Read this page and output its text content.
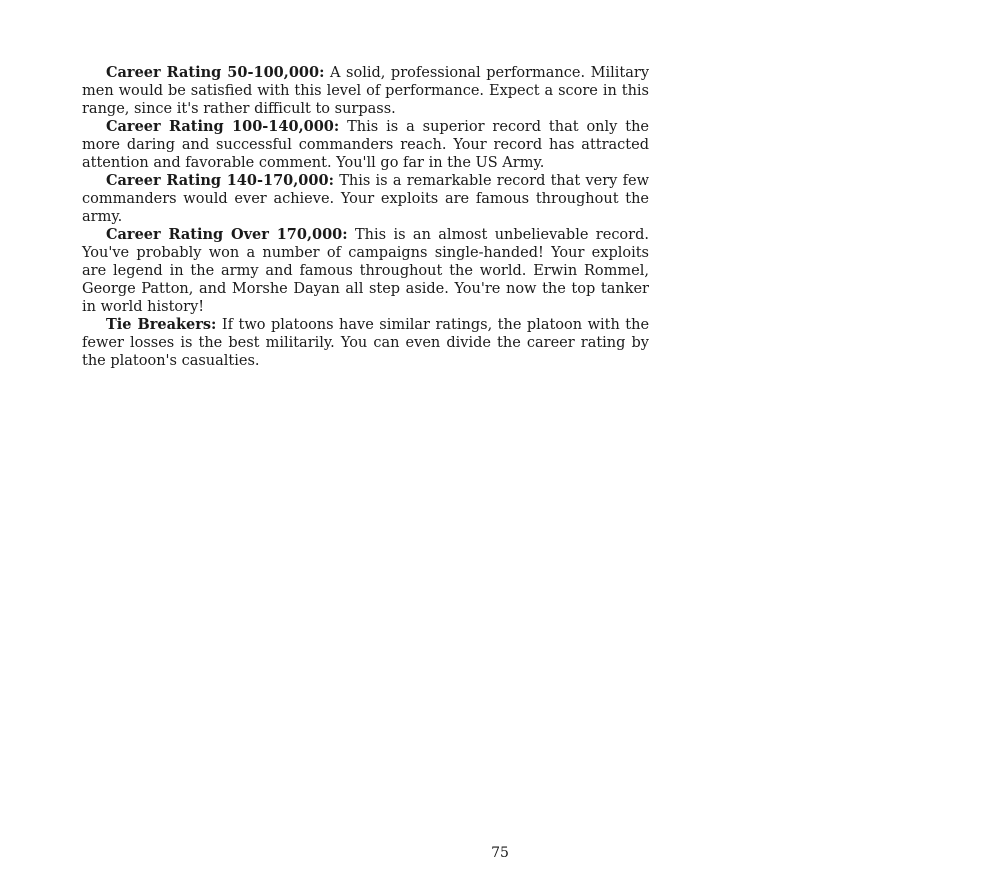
Career Rating 50-100,000: A solid, professional performance. Military men would be satisfied with this level of performance. Expect a score in this range, since it's rather difficult to surpass.

Career Rating 100-140,000: This is a superior record that only the more daring and successful commanders reach. Your record has attracted attention and favorable comment. You'll go far in the US Army.

Career Rating 140-170,000: This is a remarkable record that very few commanders would ever achieve. Your exploits are famous throughout the army.

Career Rating Over 170,000: This is an almost unbelievable record. You've probably won a number of campaigns single-handed! Your exploits are legend in the army and famous throughout the world. Erwin Rommel, George Patton, and Morshe Dayan all step aside. You're now the top tanker in world history!

Tie Breakers: If two platoons have similar ratings, the platoon with the fewer losses is the best militarily. You can even divide the career rating by the platoon's casualties.

75
